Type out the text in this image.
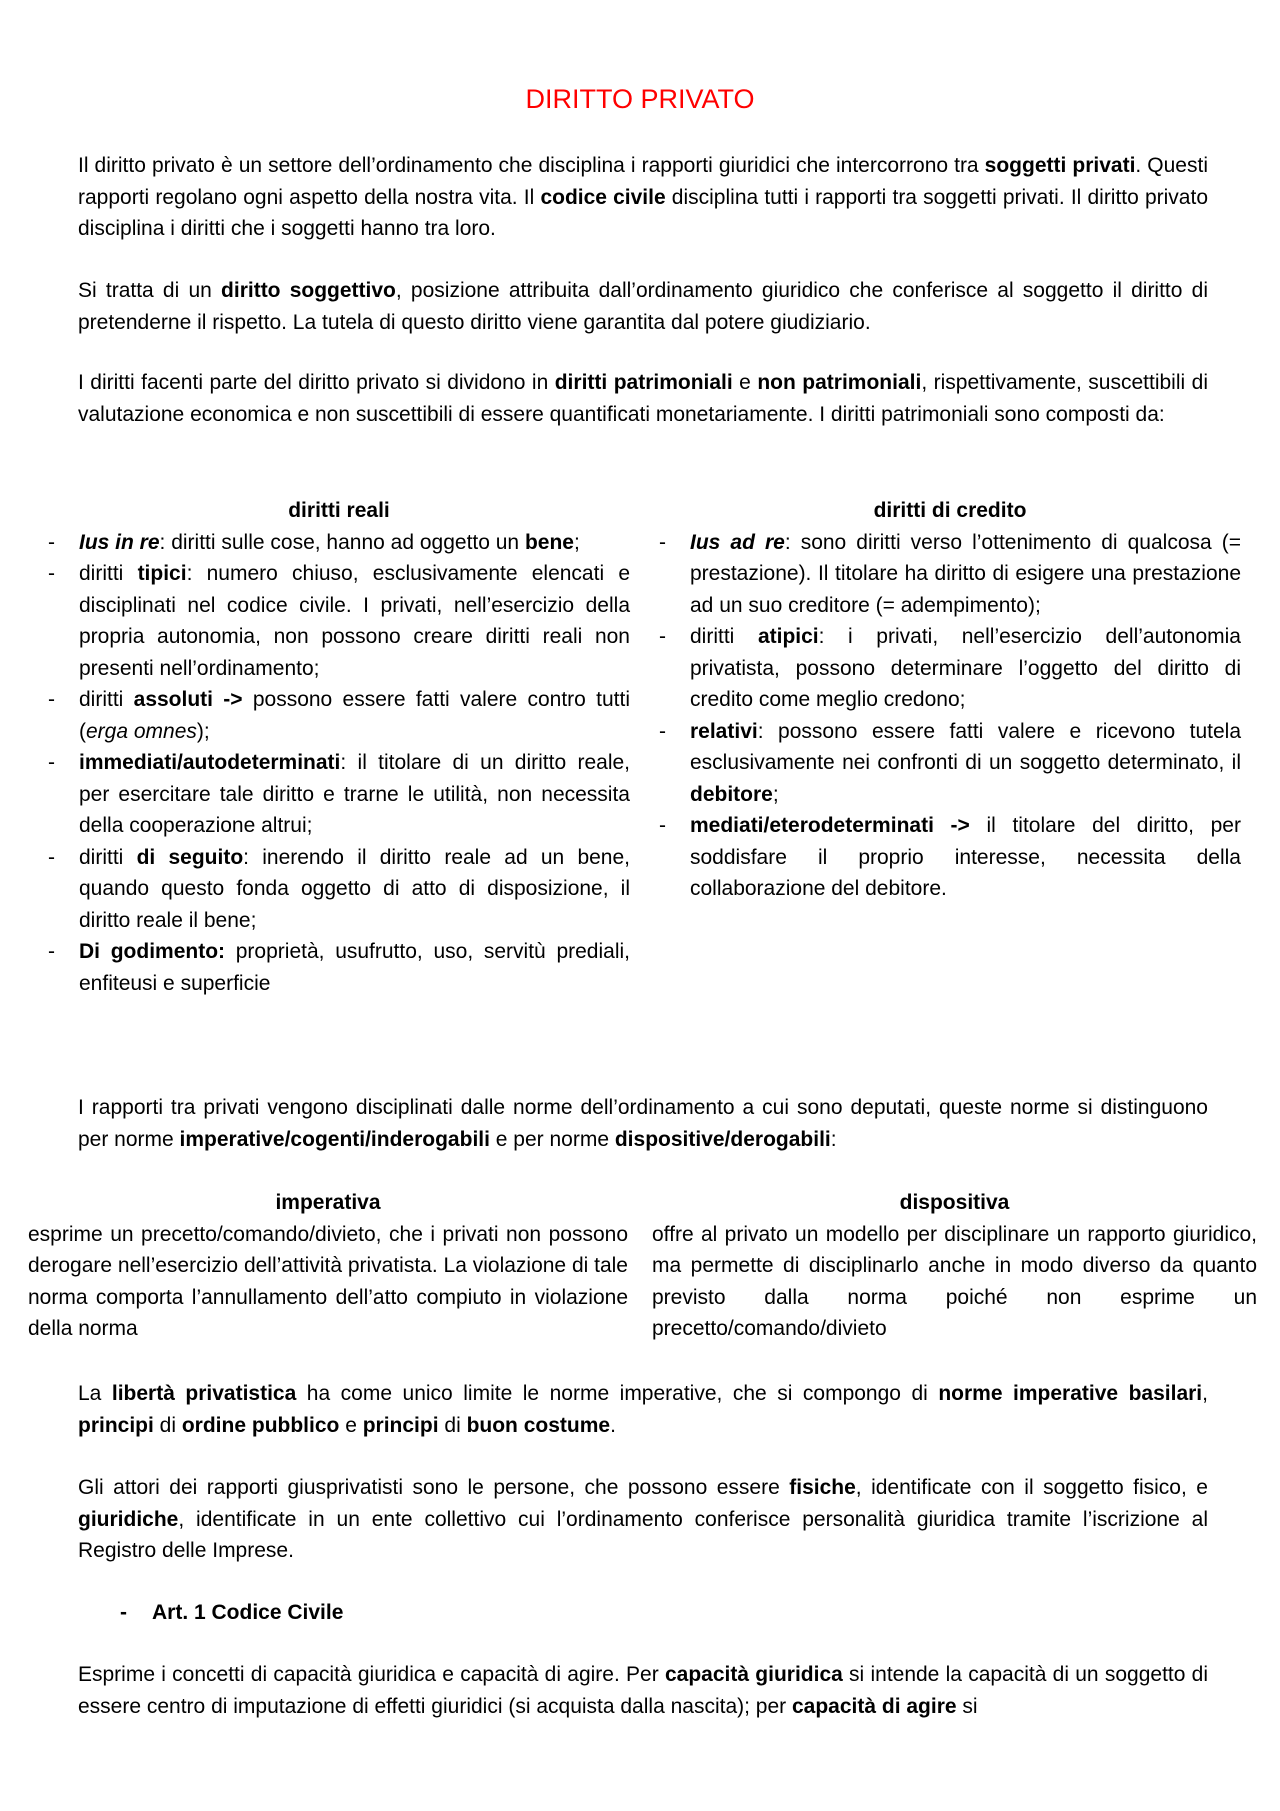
DIRITTO PRIVATO

Il diritto privato è un settore dell’ordinamento che disciplina i rapporti giuridici che intercorrono tra soggetti privati. Questi rapporti regolano ogni aspetto della nostra vita. Il codice civile disciplina tutti i rapporti tra soggetti privati. Il diritto privato disciplina i diritti che i soggetti hanno tra loro.

Si tratta di un diritto soggettivo, posizione attribuita dall’ordinamento giuridico che conferisce al soggetto il diritto di pretenderne il rispetto. La tutela di questo diritto viene garantita dal potere giudiziario.

I diritti facenti parte del diritto privato si dividono in diritti patrimoniali e non patrimoniali, rispettivamente, suscettibili di valutazione economica e non suscettibili di essere quantificati monetariamente. I diritti patrimoniali sono composti da:

diritti reali
- Ius in re: diritti sulle cose, hanno ad oggetto un bene;
- diritti tipici: numero chiuso, esclusivamente elencati e disciplinati nel codice civile. I privati, nell’esercizio della propria autonomia, non possono creare diritti reali non presenti nell’ordinamento;
- diritti assoluti -> possono essere fatti valere contro tutti (erga omnes);
- immediati/autodeterminati: il titolare di un diritto reale, per esercitare tale diritto e trarne le utilità, non necessita della cooperazione altrui;
- diritti di seguito: inerendo il diritto reale ad un bene, quando questo fonda oggetto di atto di disposizione, il diritto reale il bene;
- Di godimento: proprietà, usufrutto, uso, servitù prediali, enfiteusi e superficie
diritti di credito
- Ius ad re: sono diritti verso l’ottenimento di qualcosa (= prestazione). Il titolare ha diritto di esigere una prestazione ad un suo creditore (= adempimento);
- diritti atipici: i privati, nell’esercizio dell’autonomia privatista, possono determinare l’oggetto del diritto di credito come meglio credono;
- relativi: possono essere fatti valere e ricevono tutela esclusivamente nei confronti di un soggetto determinato, il debitore;
- mediati/eterodeterminati -> il titolare del diritto, per soddisfare il proprio interesse, necessita della collaborazione del debitore.

I rapporti tra privati vengono disciplinati dalle norme dell’ordinamento a cui sono deputati, queste norme si distinguono per norme imperative/cogenti/inderogabili e per norme dispositive/derogabili:

imperativa

esprime un precetto/comando/divieto, che i privati non possono derogare nell’esercizio dell’attività privatista. La violazione di tale norma comporta l’annullamento dell’atto compiuto in violazione della norma

dispositiva

offre al privato un modello per disciplinare un rapporto giuridico, ma permette di disciplinarlo anche in modo diverso da quanto previsto dalla norma poiché non esprime un precetto/comando/divieto

La libertà privatistica ha come unico limite le norme imperative, che si compongo di norme imperative basilari, principi di ordine pubblico e principi di buon costume.

Gli attori dei rapporti giusprivatisti sono le persone, che possono essere fisiche, identificate con il soggetto fisico, e giuridiche, identificate in un ente collettivo cui l’ordinamento conferisce personalità giuridica tramite l’iscrizione al Registro delle Imprese.

- Art. 1 Codice Civile

Esprime i concetti di capacità giuridica e capacità di agire. Per capacità giuridica si intende la capacità di un soggetto di essere centro di imputazione di effetti giuridici (si acquista dalla nascita); per capacità di agire si
